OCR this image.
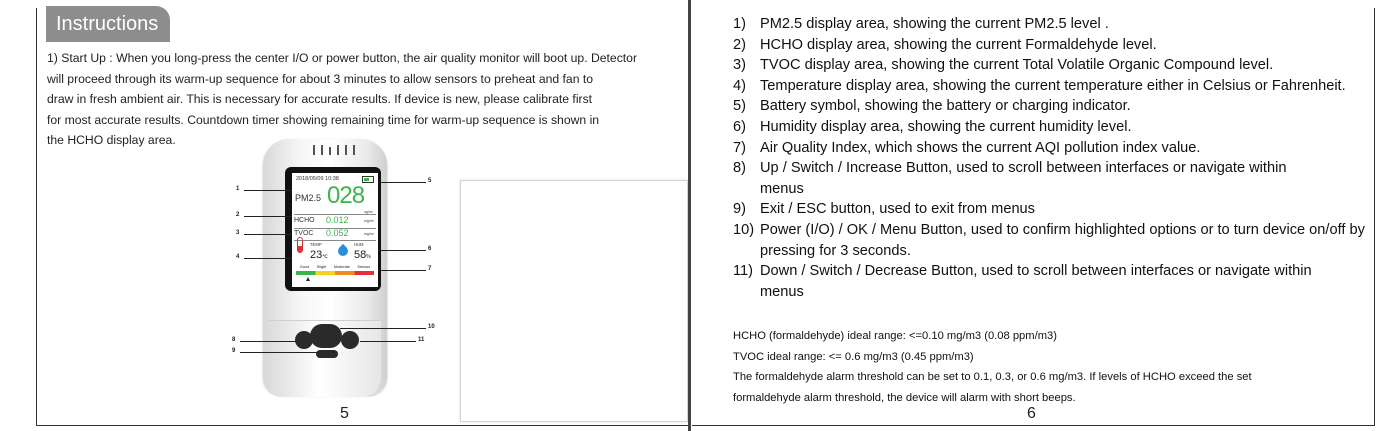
Instructions
1) Start Up : When you long-press the center I/O or power button, the air quality monitor will boot up. Detector
will proceed through its warm-up sequence for about 3 minutes to allow sensors to preheat and fan to
draw in fresh ambient air. This is necessary for accurate results. If device is new, please calibrate first
for most accurate results. Countdown timer showing remaining time for warm-up sequence is shown in
the HCHO display area.
2018/05/09 10:38
PM2.5 028
ug/m³
HCHO 0.012	mg/m³
TVOC 0.052	mg/m³
TEMP
23℃
HUM
58%
Good Slight Moderate Serious
1
2
3
4
5
6
7
8
9
10
11
5
1) PM2.5 display area, showing the current PM2.5 level .
2) HCHO display area, showing the current Formaldehyde level.
3) TVOC display area, showing the current Total Volatile Organic Compound level.
4) Temperature display area, showing the current temperature either in Celsius or Fahrenheit.
5) Battery symbol, showing the battery or charging indicator.
6) Humidity display area, showing the current humidity level.
7) Air Quality Index, which shows the current AQI pollution index value.
8) Up / Switch / Increase Button, used to scroll between interfaces or navigate within menus
9) Exit / ESC button, used to exit from menus
10) Power (I/O) / OK / Menu Button, used to confirm highlighted options or to turn device on/off by pressing for 3 seconds.
11) Down / Switch / Decrease Button, used to scroll between interfaces or navigate within menus
HCHO (formaldehyde) ideal range: <=0.10 mg/m3 (0.08 ppm/m3)
TVOC ideal range: <= 0.6 mg/m3 (0.45 ppm/m3)
The formaldehyde alarm threshold can be set to 0.1, 0.3, or 0.6 mg/m3. If levels of HCHO exceed the set
formaldehyde alarm threshold, the device will alarm with short beeps.
6
